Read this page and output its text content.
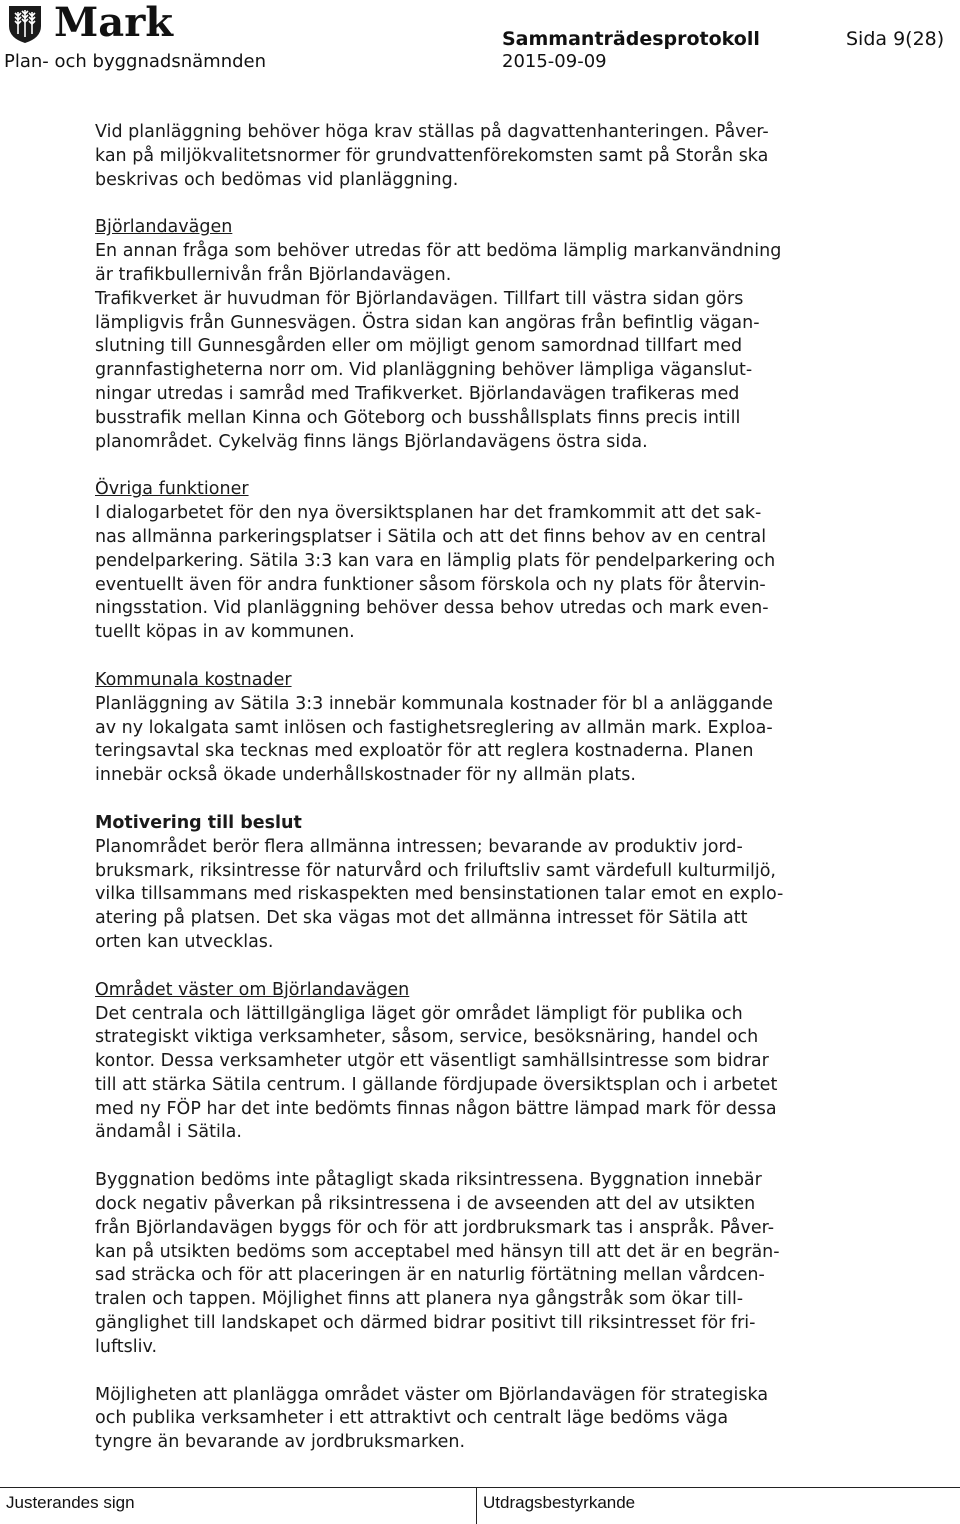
Mark
Plan- och byggnadsnämnden
Sammanträdesprotokoll
2015-09-09
Sida 9(28)

Vid planläggning behöver höga krav ställas på dagvattenhanteringen. Påver-
kan på miljökvalitetsnormer för grundvattenförekomsten samt på Storån ska
beskrivas och bedömas vid planläggning.

Björlandavägen

En annan fråga som behöver utredas för att bedöma lämplig markanvändning
är trafikbullernivån från Björlandavägen.
Trafikverket är huvudman för Björlandavägen. Tillfart till västra sidan görs
lämpligvis från Gunnesvägen. Östra sidan kan angöras från befintlig vägan-
slutning till Gunnesgården eller om möjligt genom samordnad tillfart med
grannfastigheterna norr om. Vid planläggning behöver lämpliga väganslut-
ningar utredas i samråd med Trafikverket. Björlandavägen trafikeras med
busstrafik mellan Kinna och Göteborg och busshållsplats finns precis intill
planområdet. Cykelväg finns längs Björlandavägens östra sida.

Övriga funktioner

I dialogarbetet för den nya översiktsplanen har det framkommit att det sak-
nas allmänna parkeringsplatser i Sätila och att det finns behov av en central
pendelparkering. Sätila 3:3 kan vara en lämplig plats för pendelparkering och
eventuellt även för andra funktioner såsom förskola och ny plats för återvin-
ningsstation. Vid planläggning behöver dessa behov utredas och mark even-
tuellt köpas in av kommunen.

Kommunala kostnader

Planläggning av Sätila 3:3 innebär kommunala kostnader för bl a anläggande
av ny lokalgata samt inlösen och fastighetsreglering av allmän mark. Exploa-
teringsavtal ska tecknas med exploatör för att reglera kostnaderna. Planen
innebär också ökade underhållskostnader för ny allmän plats.

Motivering till beslut

Planområdet berör flera allmänna intressen; bevarande av produktiv jord-
bruksmark, riksintresse för naturvård och friluftsliv samt värdefull kulturmiljö,
vilka tillsammans med riskaspekten med bensinstationen talar emot en explo-
atering på platsen. Det ska vägas mot det allmänna intresset för Sätila att
orten kan utvecklas.

Området väster om Björlandavägen

Det centrala och lättillgängliga läget gör området lämpligt för publika och
strategiskt viktiga verksamheter, såsom, service, besöksnäring, handel och
kontor. Dessa verksamheter utgör ett väsentligt samhällsintresse som bidrar
till att stärka Sätila centrum. I gällande fördjupade översiktsplan och i arbetet
med ny FÖP har det inte bedömts finnas någon bättre lämpad mark för dessa
ändamål i Sätila.

Byggnation bedöms inte påtagligt skada riksintressena. Byggnation innebär
dock negativ påverkan på riksintressena i de avseenden att del av utsikten
från Björlandavägen byggs för och för att jordbruksmark tas i anspråk. Påver-
kan på utsikten bedöms som acceptabel med hänsyn till att det är en begrän-
sad sträcka och för att placeringen är en naturlig förtätning mellan vårdcen-
tralen och tappen. Möjlighet finns att planera nya gångstråk som ökar till-
gänglighet till landskapet och därmed bidrar positivt till riksintresset för fri-
luftsliv.

Möjligheten att planlägga området väster om Björlandavägen för strategiska
och publika verksamheter i ett attraktivt och centralt läge bedöms väga
tyngre än bevarande av jordbruksmarken.

Justerandes sign	Utdragsbestyrkande
